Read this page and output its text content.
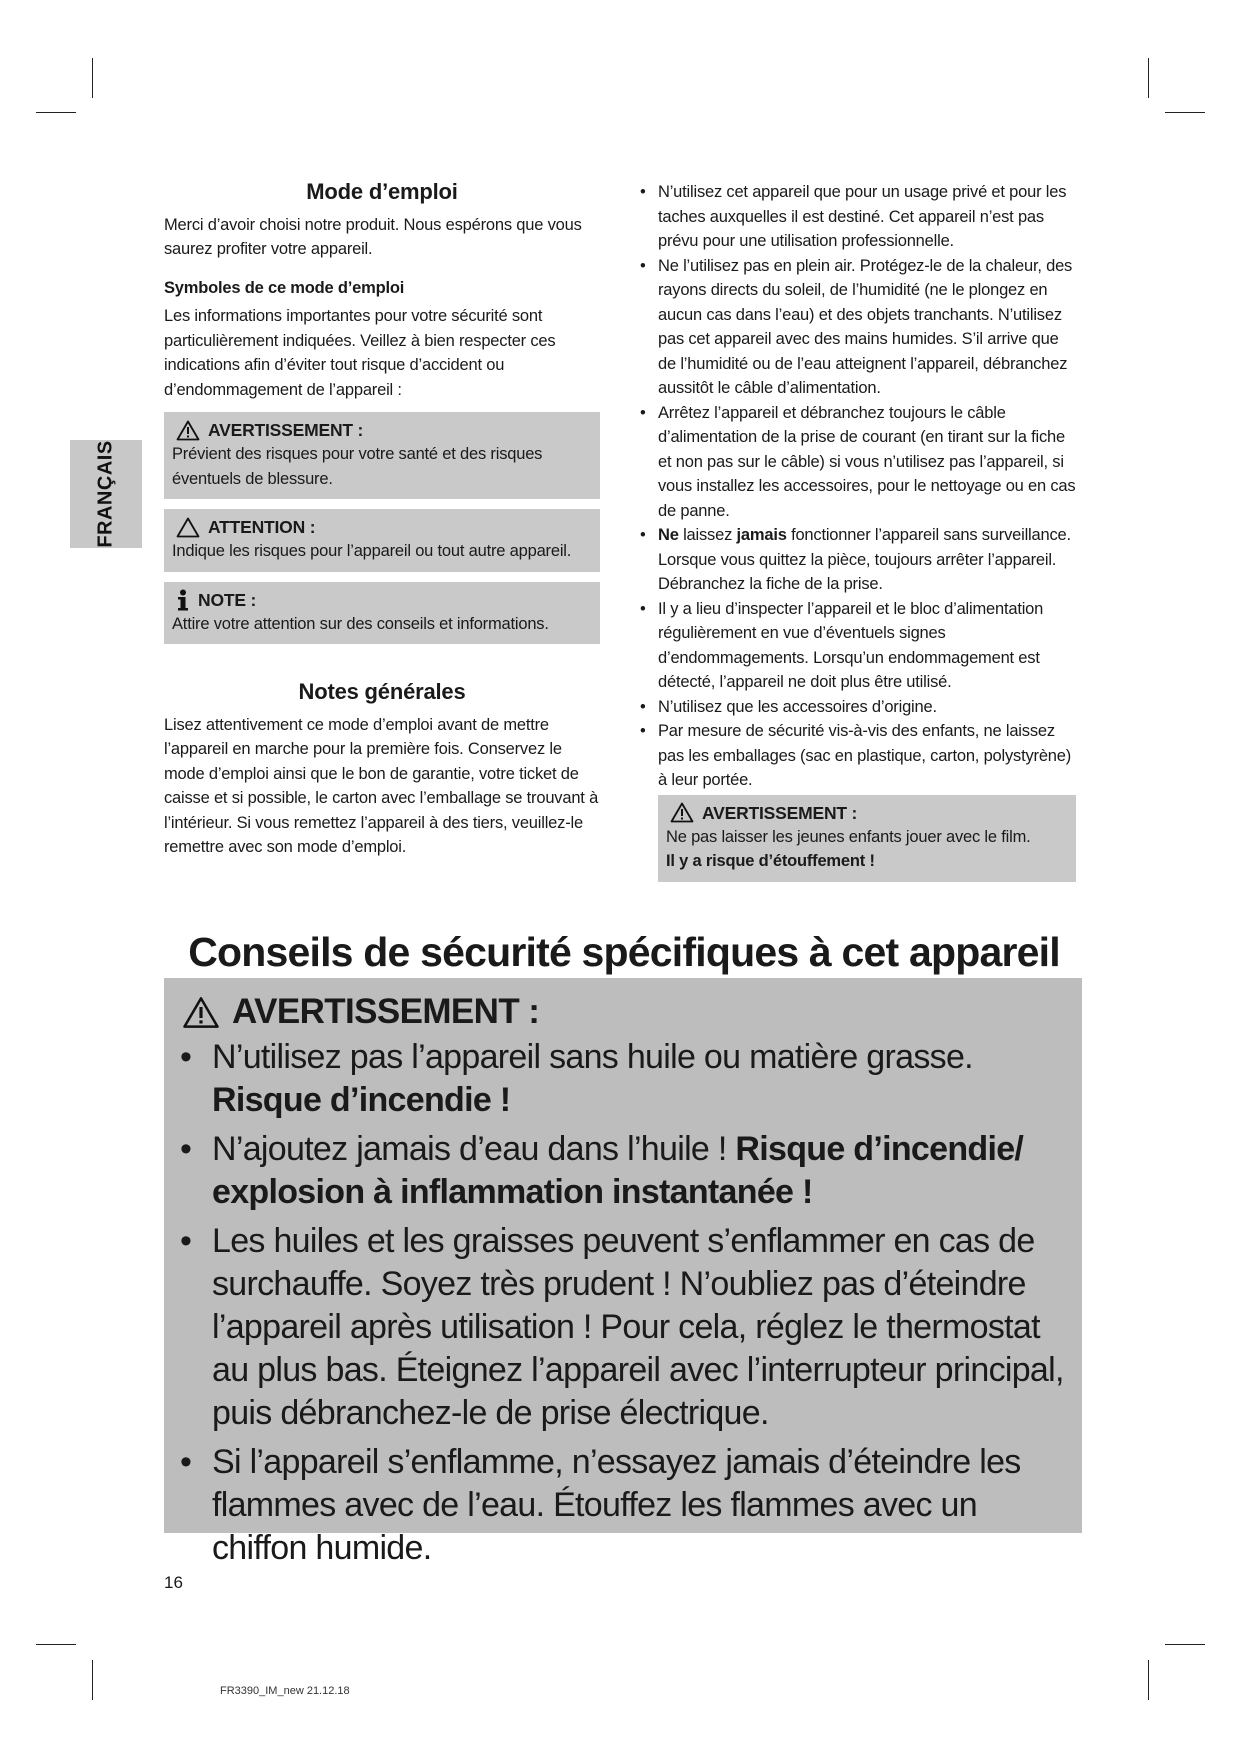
FRANÇAIS
Mode d’emploi

Merci d’avoir choisi notre produit. Nous espérons que vous saurez profiter votre appareil.

Symboles de ce mode d’emploi

Les informations importantes pour votre sécurité sont particulièrement indiquées. Veillez à bien respecter ces indications afin d’éviter tout risque d’accident ou d’endommagement de l’appareil :

AVERTISSEMENT :

Prévient des risques pour votre santé et des risques éventuels de blessure.

ATTENTION :

Indique les risques pour l’appareil ou tout autre appareil.

NOTE :

Attire votre attention sur des conseils et informations.

Notes générales

Lisez attentivement ce mode d’emploi avant de mettre l’appareil en marche pour la première fois. Conservez le mode d’emploi ainsi que le bon de garantie, votre ticket de caisse et si possible, le carton avec l’emballage se trouvant à l’intérieur. Si vous remettez l’appareil à des tiers, veuillez-le remettre avec son mode d’emploi.

• N’utilisez cet appareil que pour un usage privé et pour les taches auxquelles il est destiné. Cet appareil n’est pas prévu pour une utilisation professionnelle.
• Ne l’utilisez pas en plein air. Protégez-le de la chaleur, des rayons directs du soleil, de l’humidité (ne le plongez en aucun cas dans l’eau) et des objets tranchants. N’utilisez pas cet appareil avec des mains humides. S’il arrive que de l’humidité ou de l’eau atteignent l’appareil, débranchez aussitôt le câble d’alimentation.
• Arrêtez l’appareil et débranchez toujours le câble d’alimentation de la prise de courant (en tirant sur la fiche et non pas sur le câble) si vous n’utilisez pas l’appareil, si vous installez les accessoires, pour le nettoyage ou en cas de panne.
• Ne laissez jamais fonctionner l’appareil sans surveillance. Lorsque vous quittez la pièce, toujours arrêter l’appareil. Débranchez la fiche de la prise.
• Il y a lieu d’inspecter l’appareil et le bloc d’alimentation régulièrement en vue d’éventuels signes d’endommagements. Lorsqu’un endommagement est détecté, l’appareil ne doit plus être utilisé.
• N’utilisez que les accessoires d’origine.
• Par mesure de sécurité vis-à-vis des enfants, ne laissez pas les emballages (sac en plastique, carton, polystyrène) à leur portée.
AVERTISSEMENT :

Ne pas laisser les jeunes enfants jouer avec le film.

Il y a risque d’étouffement !

Conseils de sécurité spécifiques à cet appareil
AVERTISSEMENT :
• N’utilisez pas l’appareil sans huile ou matière grasse. Risque d’incendie !
• N’ajoutez jamais d’eau dans l’huile ! Risque d’incendie/ explosion à inflammation instantanée !
• Les huiles et les graisses peuvent s’enflammer en cas de surchauffe. Soyez très prudent ! N’oubliez pas d’éteindre l’appareil après utilisation ! Pour cela, réglez le thermostat au plus bas. Éteignez l’appareil avec l’interrupteur principal, puis débranchez-le de prise électrique.
• Si l’appareil s’enflamme, n’essayez jamais d’éteindre les flammes avec de l’eau. Étouffez les flammes avec un chiffon humide.
16
FR3390_IM_new 21.12.18
